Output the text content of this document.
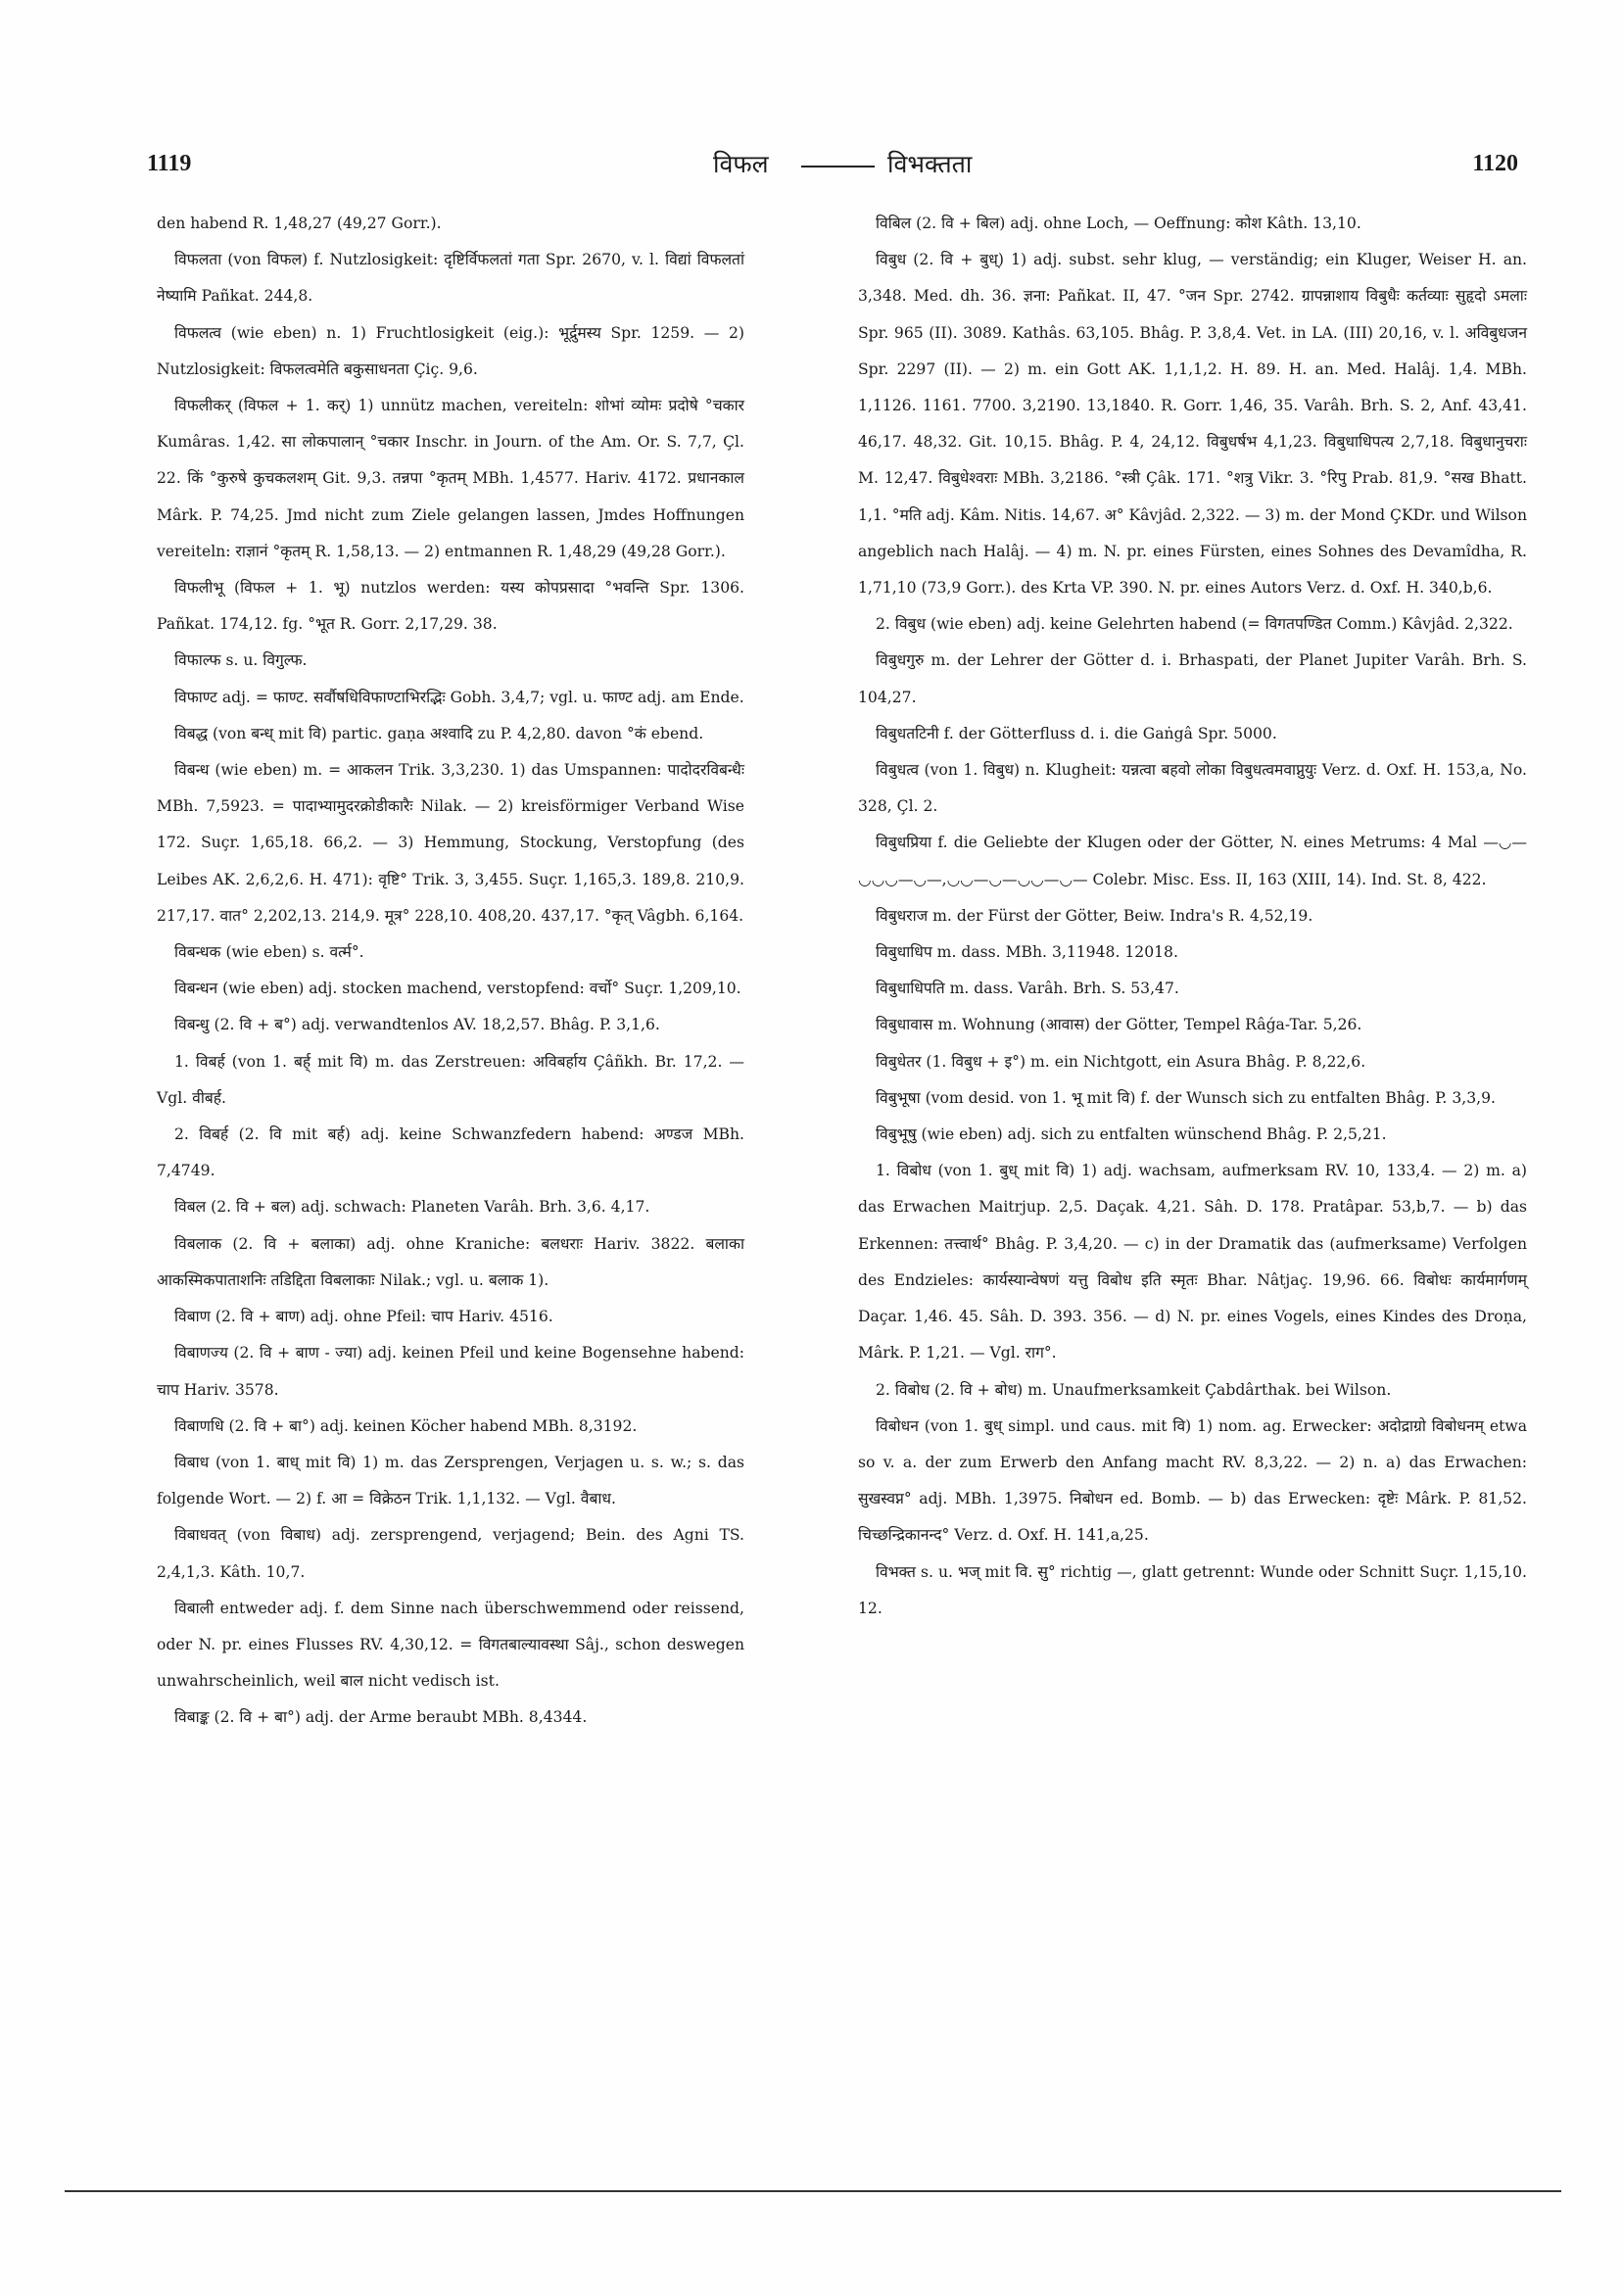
1119	विफल	विभक्तता	1120

den habend R. 1,48,27 (49,27 Gorr.).

विफलता (von विफल) f. Nutzlosigkeit: दृष्टिर्विफलतां गता Spr. 2670, v. l. विद्यां विफलतां नेष्यामि Pañkat. 244,8.

विफलत्व (wie eben) n. 1) Fruchtlosigkeit (eig.): भूर्द्रुमस्य Spr. 1259. — 2) Nutzlosigkeit: विफलत्वमेति बकुसाधनता Çiç. 9,6.

विफलीकर् (विफल + 1. कर्) 1) unnütz machen, vereiteln: शोभां व्योमः प्रदोषे °चकार Kumâras. 1,42. सा लोकपालान् °चकार Inschr. in Journ. of the Am. Or. S. 7,7, Çl. 22. किं °कुरुषे कुचकलशम् Git. 9,3. तन्नपा °कृतम् MBh. 1,4577. Hariv. 4172. प्रधानकाल Mârk. P. 74,25. Jmd nicht zum Ziele gelangen lassen, Jmdes Hoffnungen vereiteln: राज्ञानं °कृतम् R. 1,58,13. — 2) entmannen R. 1,48,29 (49,28 Gorr.).

विफलीभू (विफल + 1. भू) nutzlos werden: यस्य कोपप्रसादा °भवन्ति Spr. 1306. Pañkat. 174,12. fg. °भूत R. Gorr. 2,17,29. 38.

विफाल्फ s. u. विगुल्फ.

विफाण्ट adj. = फाण्ट. सर्वौषधिविफाण्टाभिरद्भिः Gobh. 3,4,7; vgl. u. फाण्ट adj. am Ende.

विबद्ध (von बन्ध् mit वि) partic. gaṇa अश्वादि zu P. 4,2,80. davon °कं ebend.

विबन्ध (wie eben) m. = आकलन Trik. 3,3,230. 1) das Umspannen: पादोदरविबन्धैः MBh. 7,5923. = पादाभ्यामुदरक्रोडीकारैः Nilak. — 2) kreisförmiger Verband Wise 172. Suçr. 1,65,18. 66,2. — 3) Hemmung, Stockung, Verstopfung (des Leibes AK. 2,6,2,6. H. 471): वृष्टि° Trik. 3, 3,455. Suçr. 1,165,3. 189,8. 210,9. 217,17. वात° 2,202,13. 214,9. मूत्र° 228,10. 408,20. 437,17. °कृत् Vâgbh. 6,164.

विबन्धक (wie eben) s. वर्त्म°.

विबन्धन (wie eben) adj. stocken machend, verstopfend: वर्चो° Suçr. 1,209,10.

विबन्धु (2. वि + ब°) adj. verwandtenlos AV. 18,2,57. Bhâg. P. 3,1,6.

1. विबर्ह (von 1. बर्ह् mit वि) m. das Zerstreuen: अविबर्हाय Çâñkh. Br. 17,2. — Vgl. वीबर्ह.

2. विबर्ह (2. वि mit बर्ह) adj. keine Schwanzfedern habend: अण्डज MBh. 7,4749.

विबल (2. वि + बल) adj. schwach: Planeten Varâh. Brh. 3,6. 4,17.

विबलाक (2. वि + बलाका) adj. ohne Kraniche: बलधराः Hariv. 3822. बलाका आकस्मिकपाताशनिः तडिद्दिता विबलाकाः Nilak.; vgl. u. बलाक 1).

विबाण (2. वि + बाण) adj. ohne Pfeil: चाप Hariv. 4516.

विबाणज्य (2. वि + बाण - ज्या) adj. keinen Pfeil und keine Bogensehne habend: चाप Hariv. 3578.

विबाणधि (2. वि + बा°) adj. keinen Köcher habend MBh. 8,3192.

विबाध (von 1. बाध् mit वि) 1) m. das Zersprengen, Verjagen u. s. w.; s. das folgende Wort. — 2) f. आ = विक्रेठन Trik. 1,1,132. — Vgl. वैबाध.

विबाधवत् (von विबाध) adj. zersprengend, verjagend; Bein. des Agni TS. 2,4,1,3. Kâth. 10,7.

विबाली entweder adj. f. dem Sinne nach überschwemmend oder reissend, oder N. pr. eines Flusses RV. 4,30,12. = विगतबाल्यावस्था Sâj., schon deswegen unwahrscheinlich, weil बाल nicht vedisch ist.

विबाङ्क (2. वि + बा°) adj. der Arme beraubt MBh. 8,4344.

विबिल (2. वि + बिल) adj. ohne Loch, — Oeffnung: कोश Kâth. 13,10.

विबुध (2. वि + बुध्) 1) adj. subst. sehr klug, — verständig; ein Kluger, Weiser H. an. 3,348. Med. dh. 36. ज्ञना: Pañkat. II, 47. °जन Spr. 2742. ग्रापन्नाशाय विबुधैः कर्तव्याः सुहृदो ऽमलाः Spr. 965 (II). 3089. Kathâs. 63,105. Bhâg. P. 3,8,4. Vet. in LA. (III) 20,16, v. l. अविबुधजन Spr. 2297 (II). — 2) m. ein Gott AK. 1,1,1,2. H. 89. H. an. Med. Halâj. 1,4. MBh. 1,1126. 1161. 7700. 3,2190. 13,1840. R. Gorr. 1,46, 35. Varâh. Brh. S. 2, Anf. 43,41. 46,17. 48,32. Git. 10,15. Bhâg. P. 4, 24,12. विबुधर्षभ 4,1,23. विबुधाधिपत्य 2,7,18. विबुधानुचराः M. 12,47. विबुधेश्वराः MBh. 3,2186. °स्त्री Çâk. 171. °शत्रु Vikr. 3. °रिपु Prab. 81,9. °सख Bhatt. 1,1. °मति adj. Kâm. Nitis. 14,67. अ° Kâvjâd. 2,322. — 3) m. der Mond ÇKDr. und Wilson angeblich nach Halâj. — 4) m. N. pr. eines Fürsten, eines Sohnes des Devamîdha, R. 1,71,10 (73,9 Gorr.). des Krta VP. 390. N. pr. eines Autors Verz. d. Oxf. H. 340,b,6.

2. विबुध (wie eben) adj. keine Gelehrten habend (= विगतपण्डित Comm.) Kâvjâd. 2,322.

विबुधगुरु m. der Lehrer der Götter d. i. Brhaspati, der Planet Jupiter Varâh. Brh. S. 104,27.

विबुधतटिनी f. der Götterfluss d. i. die Gaṅgâ Spr. 5000.

विबुधत्व (von 1. विबुध) n. Klugheit: यन्नत्वा बहवो लोका विबुधत्वमवाप्नुयुः Verz. d. Oxf. H. 153,a, No. 328, Çl. 2.

विबुधप्रिया f. die Geliebte der Klugen oder der Götter, N. eines Metrums: 4 Mal —◡—◡◡◡—◡—,◡◡—◡—◡◡—◡— Colebr. Misc. Ess. II, 163 (XIII, 14). Ind. St. 8, 422.

विबुधराज m. der Fürst der Götter, Beiw. Indra's R. 4,52,19.

विबुधाधिप m. dass. MBh. 3,11948. 12018.

विबुधाधिपति m. dass. Varâh. Brh. S. 53,47.

विबुधावास m. Wohnung (आवास) der Götter, Tempel Râǵa-Tar. 5,26.

विबुधेतर (1. विबुध + इ°) m. ein Nichtgott, ein Asura Bhâg. P. 8,22,6.

विबुभूषा (vom desid. von 1. भू mit वि) f. der Wunsch sich zu entfalten Bhâg. P. 3,3,9.

विबुभूषु (wie eben) adj. sich zu entfalten wünschend Bhâg. P. 2,5,21.

1. विबोध (von 1. बुध् mit वि) 1) adj. wachsam, aufmerksam RV. 10, 133,4. — 2) m. a) das Erwachen Maitrjup. 2,5. Daçak. 4,21. Sâh. D. 178. Pratâpar. 53,b,7. — b) das Erkennen: तत्त्वार्थ° Bhâg. P. 3,4,20. — c) in der Dramatik das (aufmerksame) Verfolgen des Endzieles: कार्यस्यान्वेषणं यत्तु विबोध इति स्मृतः Bhar. Nâtjaç. 19,96. 66. विबोधः कार्यमार्गणम् Daçar. 1,46. 45. Sâh. D. 393. 356. — d) N. pr. eines Vogels, eines Kindes des Droṇa, Mârk. P. 1,21. — Vgl. राग°.

2. विबोध (2. वि + बोध) m. Unaufmerksamkeit Çabdârthak. bei Wilson.

विबोधन (von 1. बुध् simpl. und caus. mit वि) 1) nom. ag. Erwecker: अदोद्राग्रो विबोधनम् etwa so v. a. der zum Erwerb den Anfang macht RV. 8,3,22. — 2) n. a) das Erwachen: सुखस्वप्न° adj. MBh. 1,3975. निबोधन ed. Bomb. — b) das Erwecken: दृष्टेः Mârk. P. 81,52. चिच्छन्द्रिकानन्द° Verz. d. Oxf. H. 141,a,25.

विभक्त s. u. भज् mit वि. सु° richtig —, glatt getrennt: Wunde oder Schnitt Suçr. 1,15,10. 12.
